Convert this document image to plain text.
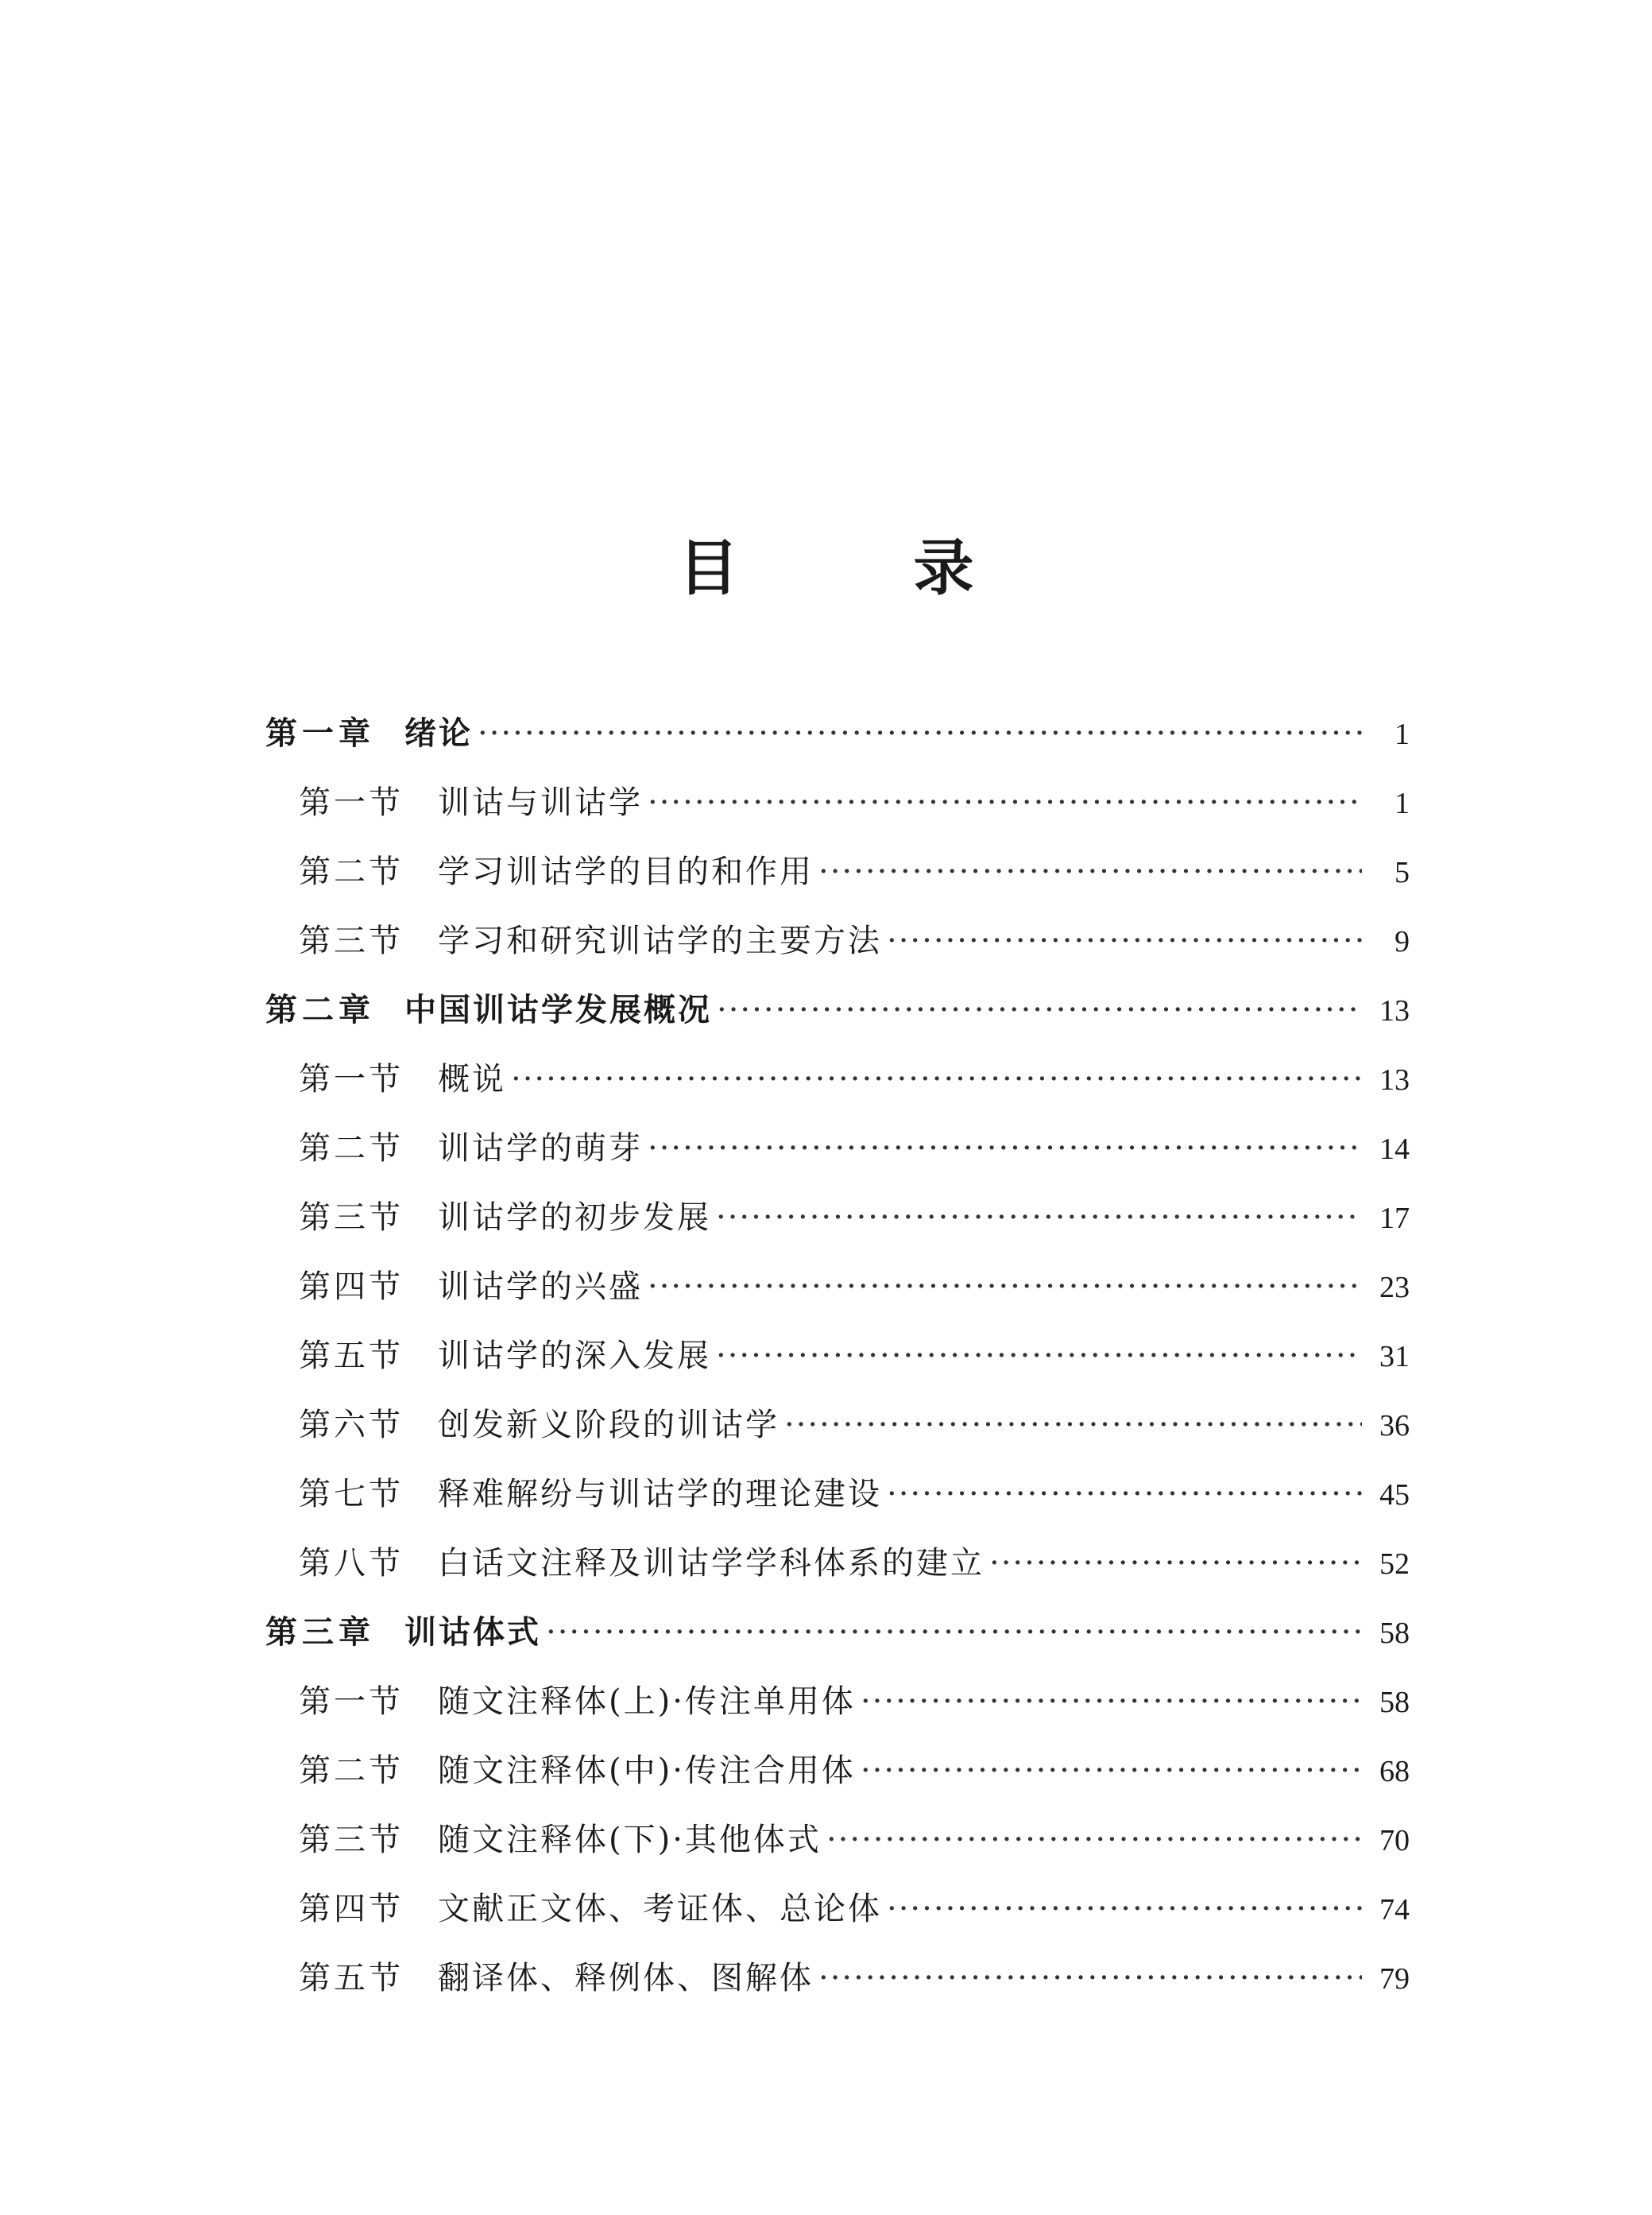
目　录
第一章 绪论 ·····	1
第一节	训诂与训诂学 ·····	1
第二节	学习训诂学的目的和作用 ·····	5
第三节	学习和研究训诂学的主要方法 ·····	9
第二章 中国训诂学发展概况 ·····	13
第一节	概说 ·····	13
第二节	训诂学的萌芽 ·····	14
第三节	训诂学的初步发展 ·····	17
第四节	训诂学的兴盛 ·····	23
第五节	训诂学的深入发展 ·····	31
第六节	创发新义阶段的训诂学 ·····	36
第七节	释难解纷与训诂学的理论建设 ·····	45
第八节	白话文注释及训诂学学科体系的建立 ·····	52
第三章 训诂体式 ·····	58
第一节	随文注释体(上)·传注单用体 ·····	58
第二节	随文注释体(中)·传注合用体 ·····	68
第三节	随文注释体(下)·其他体式 ·····	70
第四节	文献正文体、考证体、总论体 ·····	74
第五节	翻译体、释例体、图解体 ·····	79
